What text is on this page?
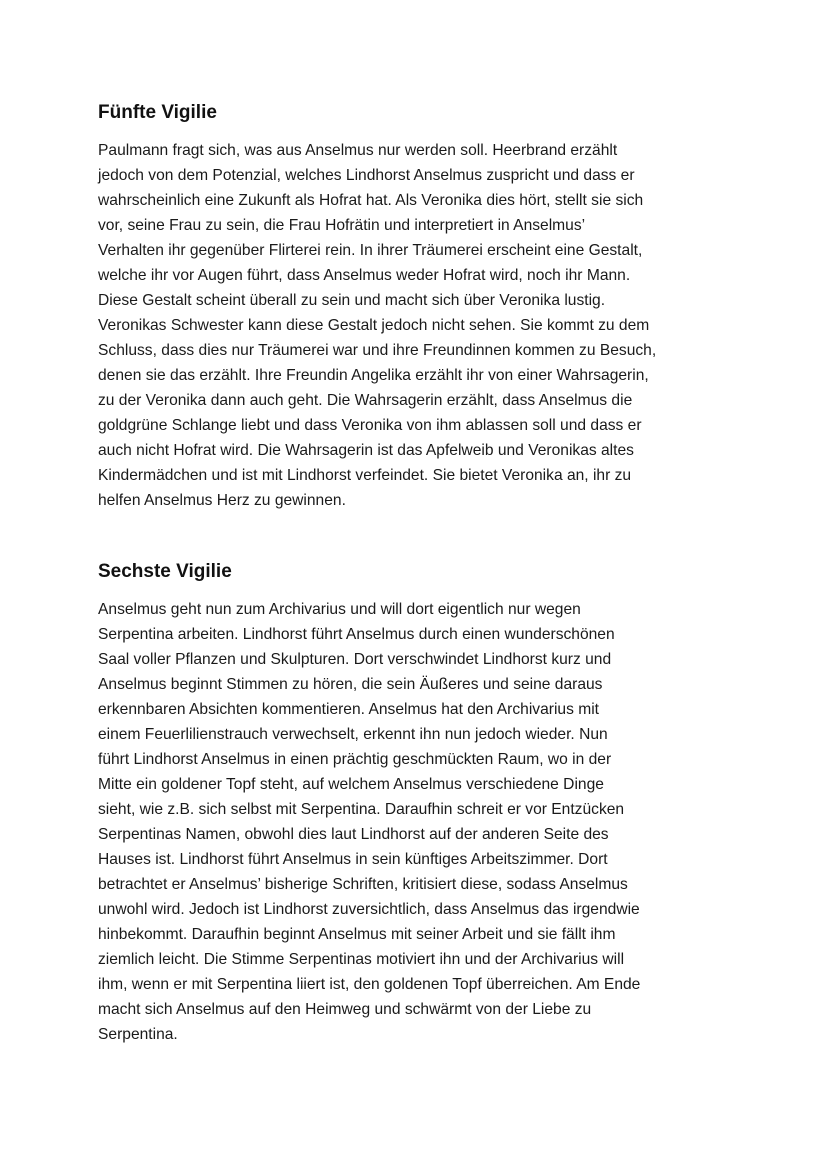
Fünfte Vigilie

Paulmann fragt sich, was aus Anselmus nur werden soll. Heerbrand erzählt
jedoch von dem Potenzial, welches Lindhorst Anselmus zuspricht und dass er
wahrscheinlich eine Zukunft als Hofrat hat. Als Veronika dies hört, stellt sie sich
vor, seine Frau zu sein, die Frau Hofrätin und interpretiert in Anselmus’
Verhalten ihr gegenüber Flirterei rein. In ihrer Träumerei erscheint eine Gestalt,
welche ihr vor Augen führt, dass Anselmus weder Hofrat wird, noch ihr Mann.
Diese Gestalt scheint überall zu sein und macht sich über Veronika lustig.
Veronikas Schwester kann diese Gestalt jedoch nicht sehen. Sie kommt zu dem
Schluss, dass dies nur Träumerei war und ihre Freundinnen kommen zu Besuch,
denen sie das erzählt. Ihre Freundin Angelika erzählt ihr von einer Wahrsagerin,
zu der Veronika dann auch geht. Die Wahrsagerin erzählt, dass Anselmus die
goldgrüne Schlange liebt und dass Veronika von ihm ablassen soll und dass er
auch nicht Hofrat wird. Die Wahrsagerin ist das Apfelweib und Veronikas altes
Kindermädchen und ist mit Lindhorst verfeindet. Sie bietet Veronika an, ihr zu
helfen Anselmus Herz zu gewinnen.

Sechste Vigilie

Anselmus geht nun zum Archivarius und will dort eigentlich nur wegen
Serpentina arbeiten. Lindhorst führt Anselmus durch einen wunderschönen
Saal voller Pflanzen und Skulpturen. Dort verschwindet Lindhorst kurz und
Anselmus beginnt Stimmen zu hören, die sein Äußeres und seine daraus
erkennbaren Absichten kommentieren. Anselmus hat den Archivarius mit
einem Feuerlilienstrauch verwechselt, erkennt ihn nun jedoch wieder. Nun
führt Lindhorst Anselmus in einen prächtig geschmückten Raum, wo in der
Mitte ein goldener Topf steht, auf welchem Anselmus verschiedene Dinge
sieht, wie z.B. sich selbst mit Serpentina. Daraufhin schreit er vor Entzücken
Serpentinas Namen, obwohl dies laut Lindhorst auf der anderen Seite des
Hauses ist. Lindhorst führt Anselmus in sein künftiges Arbeitszimmer. Dort
betrachtet er Anselmus’ bisherige Schriften, kritisiert diese, sodass Anselmus
unwohl wird. Jedoch ist Lindhorst zuversichtlich, dass Anselmus das irgendwie
hinbekommt. Daraufhin beginnt Anselmus mit seiner Arbeit und sie fällt ihm
ziemlich leicht. Die Stimme Serpentinas motiviert ihn und der Archivarius will
ihm, wenn er mit Serpentina liiert ist, den goldenen Topf überreichen. Am Ende
macht sich Anselmus auf den Heimweg und schwärmt von der Liebe zu
Serpentina.
